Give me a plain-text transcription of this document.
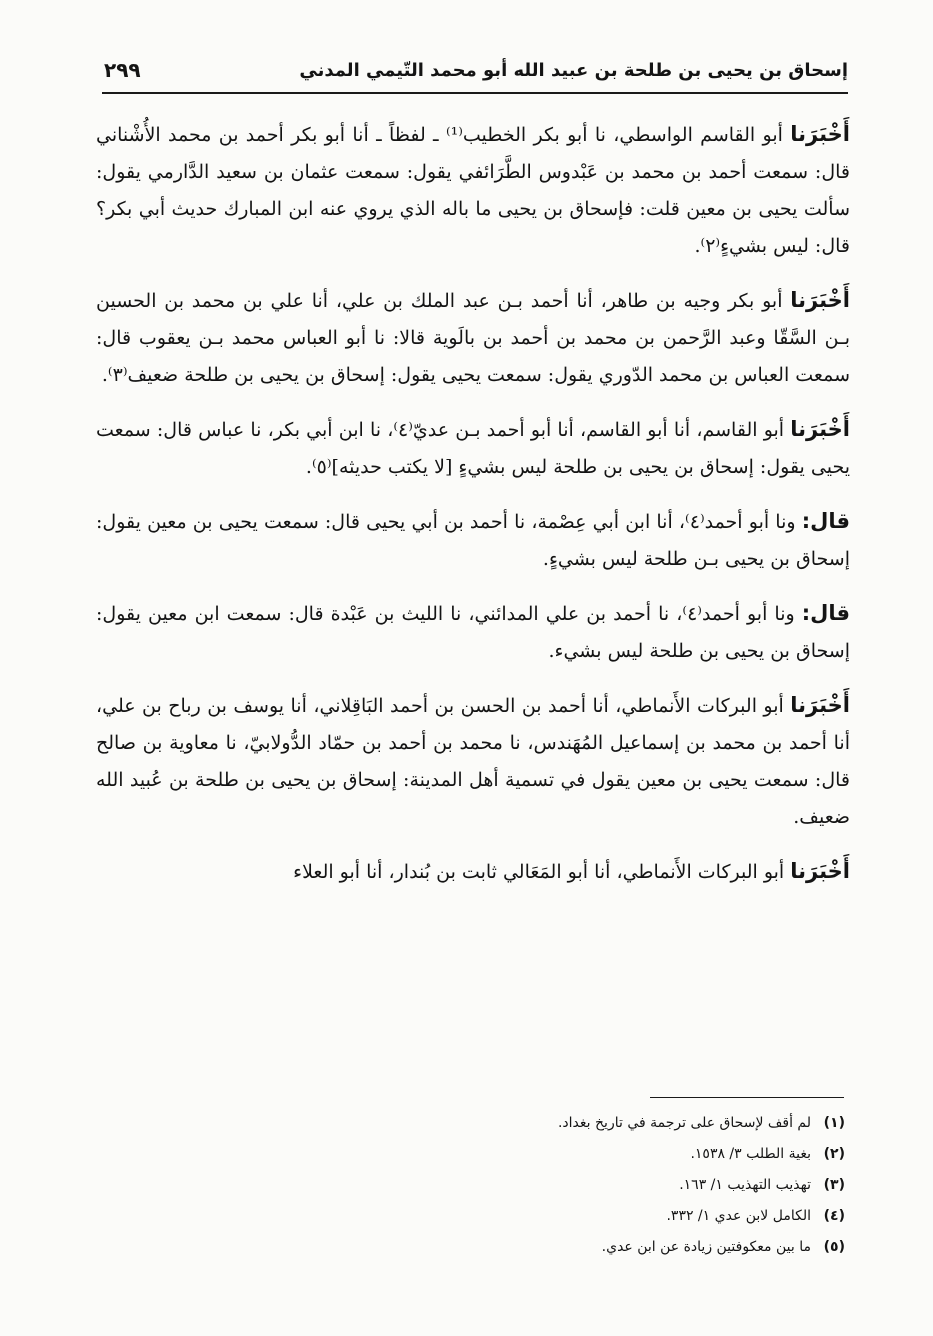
إسحاق بن يحيى بن طلحة بن عبيد الله أبو محمد التّيمي المدني
٢٩٩

أَخْبَرَنا أبو القاسم الواسطي، نا أبو بكر الخطيب⁽¹⁾ ـ لفظاً ـ أنا أبو بكر أحمد بن محمد الأُشْناني قال: سمعت أحمد بن محمد بن عَبْدوس الطَّرَائفي يقول: سمعت عثمان بن سعيد الدَّارمي يقول: سألت يحيى بن معين قلت: فإسحاق بن يحيى ما باله الذي يروي عنه ابن المبارك حديث أبي بكر؟ قال: ليس بشيءٍ⁽٢⁾.

أَخْبَرَنا أبو بكر وجيه بن طاهر، أنا أحمد بـن عبد الملك بن علي، أنا علي بن محمد بن الحسين بـن السَّقّا وعبد الرَّحمن بن محمد بن أحمد بن بالَوية قالا: نا أبو العباس محمد بـن يعقوب قال: سمعت العباس بن محمد الدّوري يقول: سمعت يحيى يقول: إسحاق بن يحيى بن طلحة ضعيف⁽٣⁾.

أَخْبَرَنا أبو القاسم، أنا أبو القاسم، أنا أبو أحمد بـن عديّ⁽٤⁾، نا ابن أبي بكر، نا عباس قال: سمعت يحيى يقول: إسحاق بن يحيى بن طلحة ليس بشيءٍ [لا يكتب حديثه]⁽٥⁾.

قال: ونا أبو أحمد⁽٤⁾، أنا ابن أبي عِصْمة، نا أحمد بن أبي يحيى قال: سمعت يحيى بن معين يقول: إسحاق بن يحيى بـن طلحة ليس بشيءٍ.

قال: ونا أبو أحمد⁽٤⁾، نا أحمد بن علي المدائني، نا الليث بن عَبْدة قال: سمعت ابن معين يقول: إسحاق بن يحيى بن طلحة ليس بشيء.

أَخْبَرَنا أبو البركات الأَنماطي، أنا أحمد بن الحسن بن أحمد البَاقِلاني، أنا يوسف بن رباح بن علي، أنا أحمد بن محمد بن إسماعيل المُهَندس، نا محمد بن أحمد بن حمّاد الدُّولابيّ، نا معاوية بن صالح قال: سمعت يحيى بن معين يقول في تسمية أهل المدينة: إسحاق بن يحيى بن طلحة بن عُبيد الله ضعيف.

أَخْبَرَنا أبو البركات الأَنماطي، أنا أبو المَعَالي ثابت بن بُندار، أنا أبو العلاء

(١)لم أقف لإسحاق على ترجمة في تاريخ بغداد.
(٢)بغية الطلب ٣/ ١٥٣٨.
(٣)تهذيب التهذيب ١/ ١٦٣.
(٤)الكامل لابن عدي ١/ ٣٣٢.
(٥)ما بين معكوفتين زيادة عن ابن عدي.
